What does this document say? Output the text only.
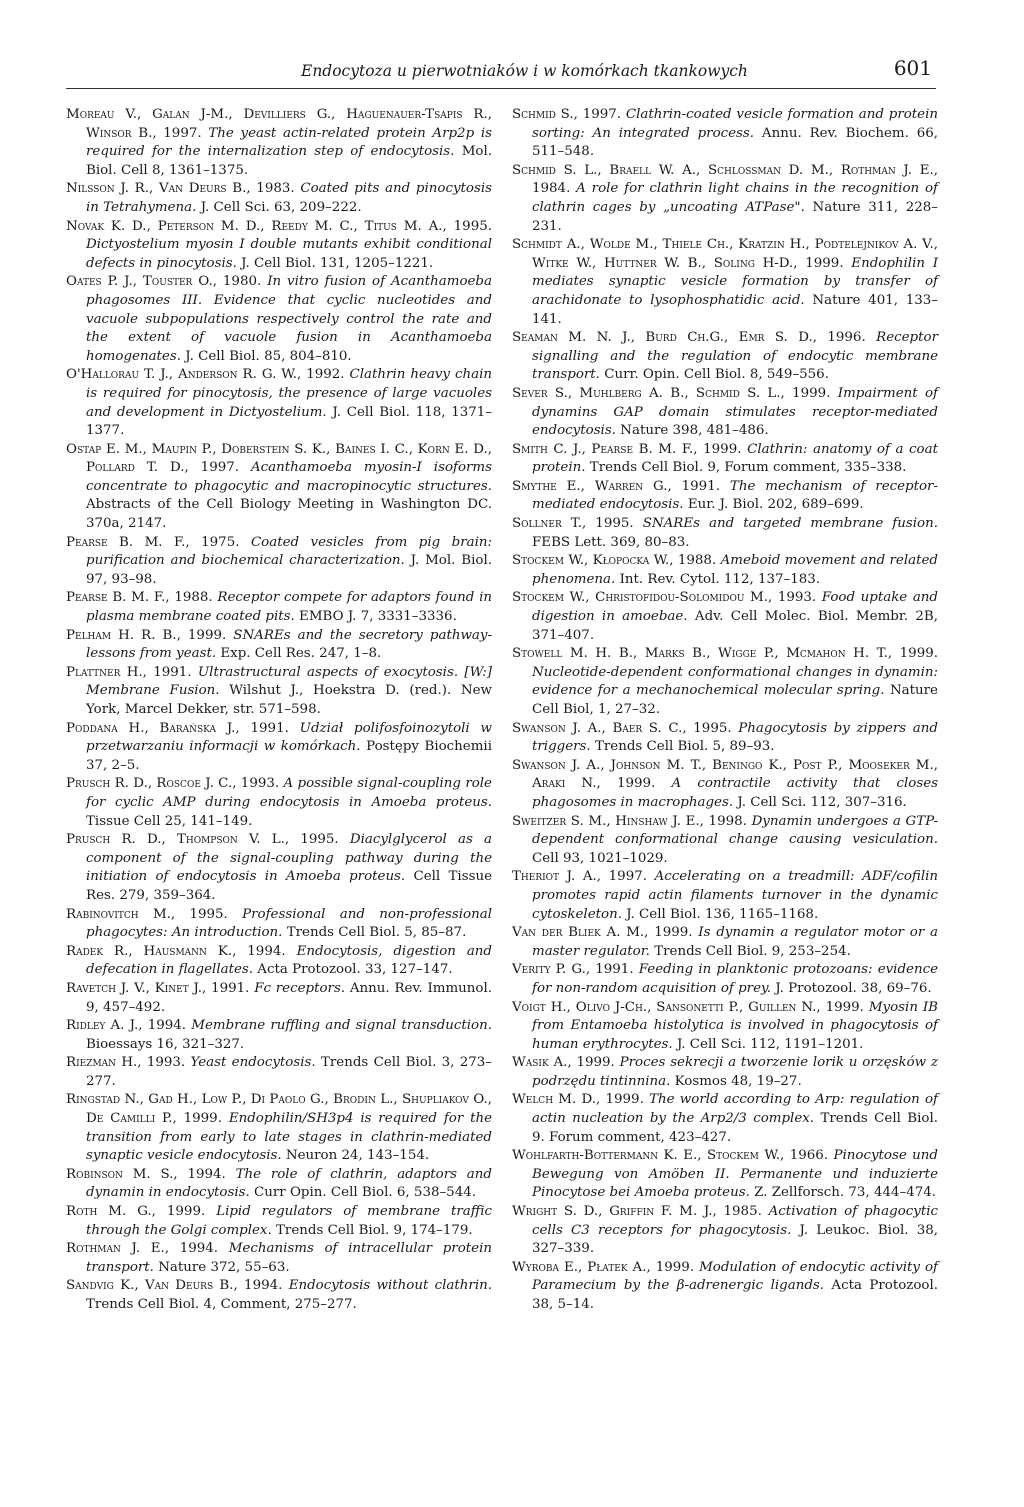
Endocytoza u pierwotniaków i w komórkach tkankowych	601

Moreau V., Galan J-M., Devilliers G., Haguenauer-Tsapis R., Winsor B., 1997. The yeast actin-related protein Arp2p is required for the internalization step of endocytosis. Mol. Biol. Cell 8, 1361–1375.

Nilsson J. R., Van Deurs B., 1983. Coated pits and pinocytosis in Tetrahymena. J. Cell Sci. 63, 209–222.

Novak K. D., Peterson M. D., Reedy M. C., Titus M. A., 1995. Dictyostelium myosin I double mutants exhibit conditional defects in pinocytosis. J. Cell Biol. 131, 1205–1221.

Oates P. J., Touster O., 1980. In vitro fusion of Acanthamoeba phagosomes III. Evidence that cyclic nucleotides and vacuole subpopulations respectively control the rate and the extent of vacuole fusion in Acanthamoeba homogenates. J. Cell Biol. 85, 804–810.

O'Hallorau T. J., Anderson R. G. W., 1992. Clathrin heavy chain is required for pinocytosis, the presence of large vacuoles and development in Dictyostelium. J. Cell Biol. 118, 1371–1377.

Ostap E. M., Maupin P., Doberstein S. K., Baines I. C., Korn E. D., Pollard T. D., 1997. Acanthamoeba myosin-I isoforms concentrate to phagocytic and macropinocytic structures. Abstracts of the Cell Biology Meeting in Washington DC. 370a, 2147.

Pearse B. M. F., 1975. Coated vesicles from pig brain: purification and biochemical characterization. J. Mol. Biol. 97, 93–98.

Pearse B. M. F., 1988. Receptor compete for adaptors found in plasma membrane coated pits. EMBO J. 7, 3331–3336.

Pelham H. R. B., 1999. SNAREs and the secretory pathway-lessons from yeast. Exp. Cell Res. 247, 1–8.

Plattner H., 1991. Ultrastructural aspects of exocytosis. [W:] Membrane Fusion. Wilshut J., Hoekstra D. (red.). New York, Marcel Dekker, str. 571–598.

Poddana H., Barańska J., 1991. Udział polifosfoinozytoli w przetwarzaniu informacji w komórkach. Postępy Biochemii 37, 2–5.

Prusch R. D., Roscoe J. C., 1993. A possible signal-coupling role for cyclic AMP during endocytosis in Amoeba proteus. Tissue Cell 25, 141–149.

Prusch R. D., Thompson V. L., 1995. Diacylglycerol as a component of the signal-coupling pathway during the initiation of endocytosis in Amoeba proteus. Cell Tissue Res. 279, 359–364.

Rabinovitch M., 1995. Professional and non-professional phagocytes: An introduction. Trends Cell Biol. 5, 85–87.

Radek R., Hausmann K., 1994. Endocytosis, digestion and defecation in flagellates. Acta Protozool. 33, 127–147.

Ravetch J. V., Kinet J., 1991. Fc receptors. Annu. Rev. Immunol. 9, 457–492.

Ridley A. J., 1994. Membrane ruffling and signal transduction. Bioessays 16, 321–327.

Riezman H., 1993. Yeast endocytosis. Trends Cell Biol. 3, 273–277.

Ringstad N., Gad H., Low P., Di Paolo G., Brodin L., Shupliakov O., De Camilli P., 1999. Endophilin/SH3p4 is required for the transition from early to late stages in clathrin-mediated synaptic vesicle endocytosis. Neuron 24, 143–154.

Robinson M. S., 1994. The role of clathrin, adaptors and dynamin in endocytosis. Curr Opin. Cell Biol. 6, 538–544.

Roth M. G., 1999. Lipid regulators of membrane traffic through the Golgi complex. Trends Cell Biol. 9, 174–179.

Rothman J. E., 1994. Mechanisms of intracellular protein transport. Nature 372, 55–63.

Sandvig K., Van Deurs B., 1994. Endocytosis without clathrin. Trends Cell Biol. 4, Comment, 275–277.

Schmid S., 1997. Clathrin-coated vesicle formation and protein sorting: An integrated process. Annu. Rev. Biochem. 66, 511–548.

Schmid S. L., Braell W. A., Schlossman D. M., Rothman J. E., 1984. A role for clathrin light chains in the recognition of clathrin cages by „uncoating ATPase". Nature 311, 228–231.

Schmidt A., Wolde M., Thiele Ch., Kratzin H., Podtelejnikov A. V., Witke W., Huttner W. B., Soling H-D., 1999. Endophilin I mediates synaptic vesicle formation by transfer of arachidonate to lysophosphatidic acid. Nature 401, 133–141.

Seaman M. N. J., Burd Ch.G., Emr S. D., 1996. Receptor signalling and the regulation of endocytic membrane transport. Curr. Opin. Cell Biol. 8, 549–556.

Sever S., Muhlberg A. B., Schmid S. L., 1999. Impairment of dynamins GAP domain stimulates receptor-mediated endocytosis. Nature 398, 481–486.

Smith C. J., Pearse B. M. F., 1999. Clathrin: anatomy of a coat protein. Trends Cell Biol. 9, Forum comment, 335–338.

Smythe E., Warren G., 1991. The mechanism of receptor-mediated endocytosis. Eur. J. Biol. 202, 689–699.

Sollner T., 1995. SNAREs and targeted membrane fusion. FEBS Lett. 369, 80–83.

Stockem W., Kłopocka W., 1988. Ameboid movement and related phenomena. Int. Rev. Cytol. 112, 137–183.

Stockem W., Christofidou-Solomidou M., 1993. Food uptake and digestion in amoebae. Adv. Cell Molec. Biol. Membr. 2B, 371–407.

Stowell M. H. B., Marks B., Wigge P., Mcmahon H. T., 1999. Nucleotide-dependent conformational changes in dynamin: evidence for a mechanochemical molecular spring. Nature Cell Biol, 1, 27–32.

Swanson J. A., Baer S. C., 1995. Phagocytosis by zippers and triggers. Trends Cell Biol. 5, 89–93.

Swanson J. A., Johnson M. T., Beningo K., Post P., Mooseker M., Araki N., 1999. A contractile activity that closes phagosomes in macrophages. J. Cell Sci. 112, 307–316.

Sweitzer S. M., Hinshaw J. E., 1998. Dynamin undergoes a GTP-dependent conformational change causing vesiculation. Cell 93, 1021–1029.

Theriot J. A., 1997. Accelerating on a treadmill: ADF/cofilin promotes rapid actin filaments turnover in the dynamic cytoskeleton. J. Cell Biol. 136, 1165–1168.

Van der Bliek A. M., 1999. Is dynamin a regulator motor or a master regulator. Trends Cell Biol. 9, 253–254.

Verity P. G., 1991. Feeding in planktonic protozoans: evidence for non-random acquisition of prey. J. Protozool. 38, 69–76.

Voigt H., Olivo J-Ch., Sansonetti P., Guillen N., 1999. Myosin IB from Entamoeba histolytica is involved in phagocytosis of human erythrocytes. J. Cell Sci. 112, 1191–1201.

Wasik A., 1999. Proces sekrecji a tworzenie lorik u orzęsków z podrzędu tintinnina. Kosmos 48, 19–27.

Welch M. D., 1999. The world according to Arp: regulation of actin nucleation by the Arp2/3 complex. Trends Cell Biol. 9. Forum comment, 423–427.

Wohlfarth-Bottermann K. E., Stockem W., 1966. Pinocytose und Bewegung von Amöben II. Permanente und induzierte Pinocytose bei Amoeba proteus. Z. Zellforsch. 73, 444–474.

Wright S. D., Griffin F. M. J., 1985. Activation of phagocytic cells C3 receptors for phagocytosis. J. Leukoc. Biol. 38, 327–339.

Wyroba E., Płatek A., 1999. Modulation of endocytic activity of Paramecium by the β-adrenergic ligands. Acta Protozool. 38, 5–14.
